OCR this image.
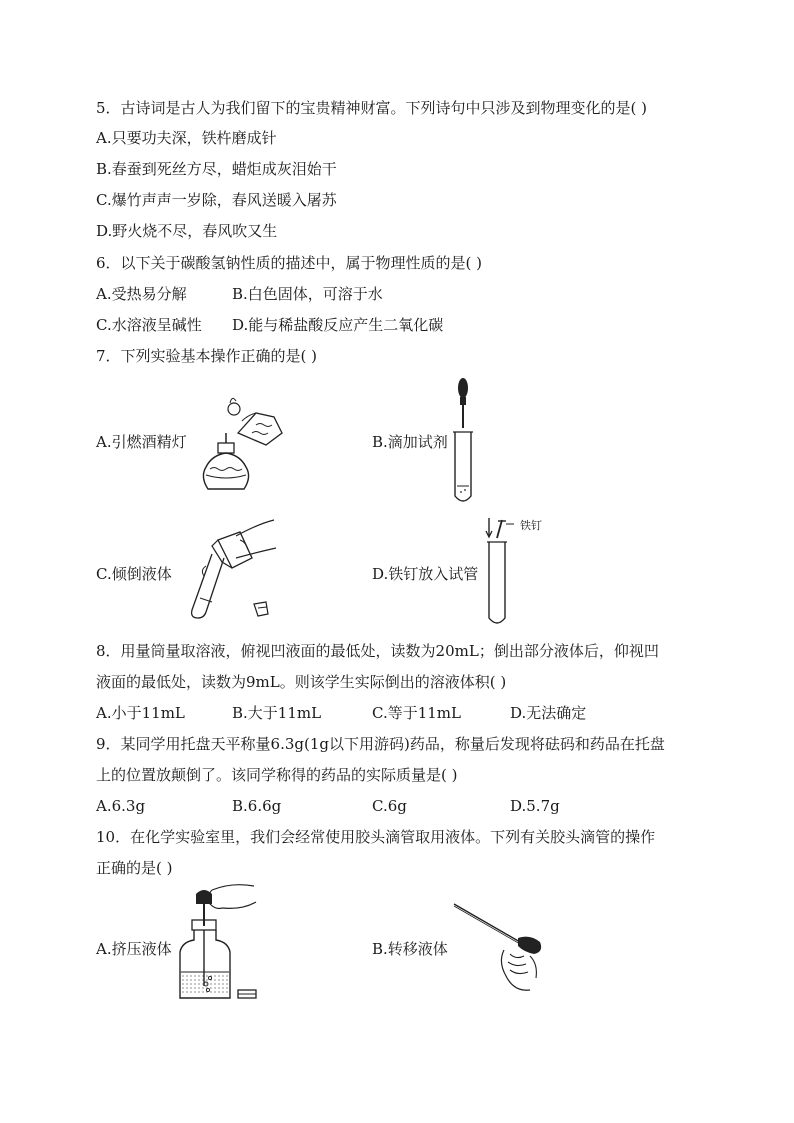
5．古诗词是古人为我们留下的宝贵精神财富。下列诗句中只涉及到物理变化的是( )
A.只要功夫深，铁杵磨成针
B.春蚕到死丝方尽，蜡炬成灰泪始干
C.爆竹声声一岁除，春风送暖入屠苏
D.野火烧不尽，春风吹又生
6．以下关于碳酸氢钠性质的描述中，属于物理性质的是( )
A.受热易分解	B.白色固体，可溶于水
C.水溶液呈碱性 D.能与稀盐酸反应产生二氧化碳
7．下列实验基本操作正确的是( )
A.引燃酒精灯	B.滴加试剂
C.倾倒液体	D.铁钉放入试管
铁钉
8．用量筒量取溶液，俯视凹液面的最低处，读数为20mL；倒出部分液体后，仰视凹
液面的最低处，读数为9mL。则该学生实际倒出的溶液体积( )
A.小于11mL	B.大于11mL	C.等于11mL	D.无法确定
9．某同学用托盘天平称量6.3g(1g以下用游码)药品，称量后发现将砝码和药品在托盘
上的位置放颠倒了。该同学称得的药品的实际质量是( )
A.6.3g	B.6.6g	C.6g	D.5.7g
10．在化学实验室里，我们会经常使用胶头滴管取用液体。下列有关胶头滴管的操作
正确的是( )
A.挤压液体	B.转移液体
